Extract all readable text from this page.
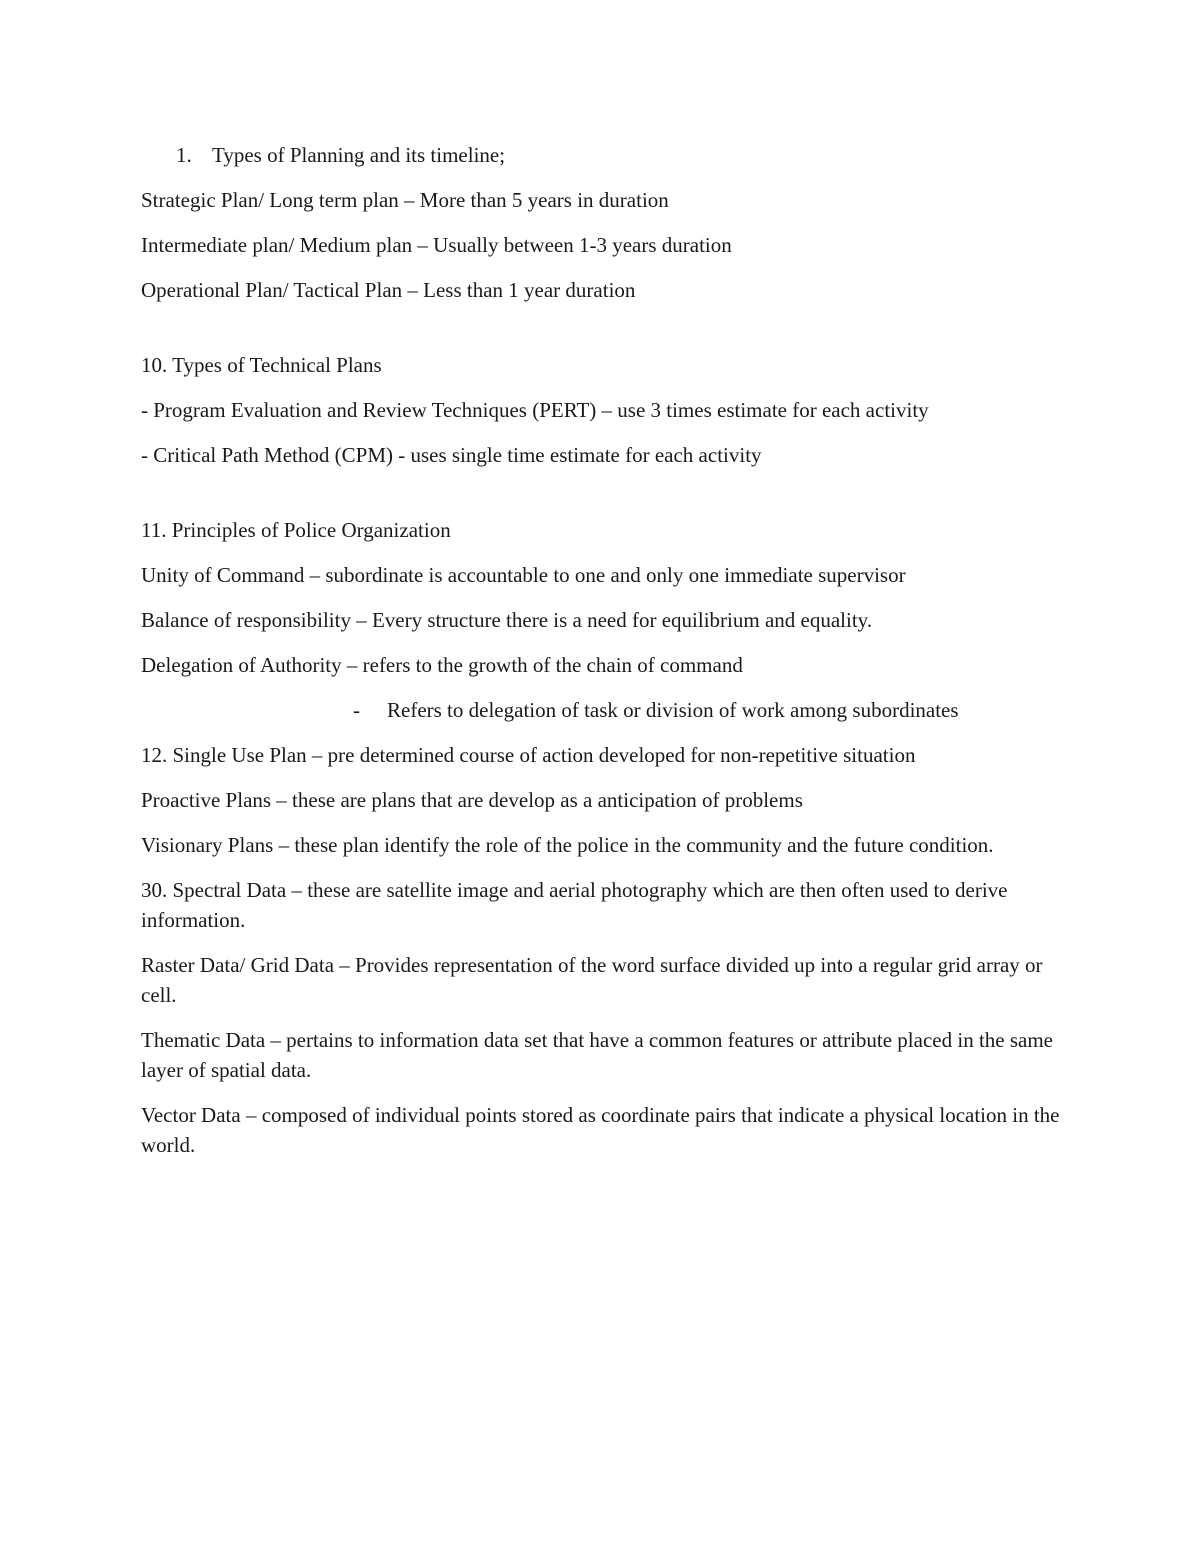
1. Types of Planning and its timeline;
Strategic Plan/ Long term plan – More than 5 years in duration
Intermediate plan/ Medium plan – Usually between 1-3 years duration
Operational Plan/ Tactical Plan – Less than 1 year duration
10. Types of Technical Plans
- Program Evaluation and Review Techniques (PERT) – use 3 times estimate for each activity
- Critical Path Method (CPM) - uses single time estimate for each activity
11. Principles of Police Organization
Unity of Command – subordinate is accountable to one and only one immediate supervisor
Balance of responsibility – Every structure there is a need for equilibrium and equality.
Delegation of Authority – refers to the growth of the chain of command
- Refers to delegation of task or division of work among subordinates
12. Single Use Plan – pre determined course of action developed for non-repetitive situation
Proactive Plans – these are plans that are develop as a anticipation of problems
Visionary Plans – these plan identify the role of the police in the community and the future condition.
30. Spectral Data – these are satellite image and aerial photography which are then often used to derive information.
Raster Data/ Grid Data – Provides representation of the word surface divided up into a regular grid array or cell.
Thematic Data – pertains to information data set that have a common features or attribute placed in the same layer of spatial data.
Vector Data – composed of individual points stored as coordinate pairs that indicate a physical location in the world.
